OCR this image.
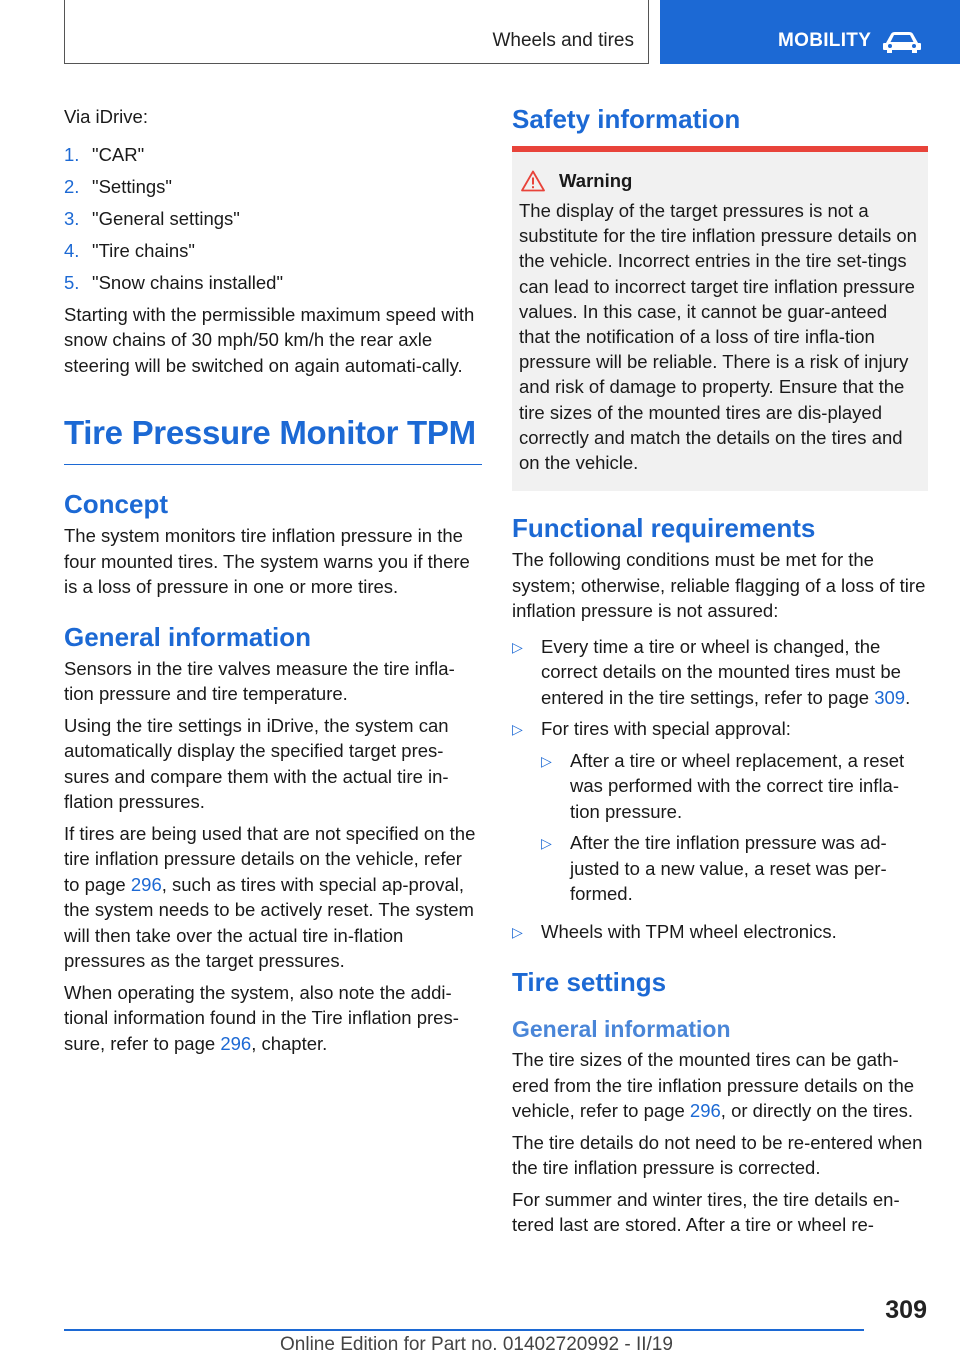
Wheels and tires	MOBILITY

Via iDrive:

1. "CAR"
2. "Settings"
3. "General settings"
4. "Tire chains"
5. "Snow chains installed"

Starting with the permissible maximum speed with snow chains of 30 mph/50 km/h the rear axle steering will be switched on again automati‐cally.

Tire Pressure Monitor TPM
Concept

The system monitors tire inflation pressure in the four mounted tires. The system warns you if there is a loss of pressure in one or more tires.

General information

Sensors in the tire valves measure the tire infla‐tion pressure and tire temperature.

Using the tire settings in iDrive, the system can automatically display the specified target pres‐sures and compare them with the actual tire in‐flation pressures.

If tires are being used that are not specified on the tire inflation pressure details on the vehicle, refer to page 296, such as tires with special ap‐proval, the system needs to be actively reset. The system will then take over the actual tire in‐flation pressures as the target pressures.

When operating the system, also note the addi‐tional information found in the Tire inflation pres‐sure, refer to page 296, chapter.

Safety information
Warning
The display of the target pressures is not a substitute for the tire inflation pressure details on the vehicle. Incorrect entries in the tire set‐tings can lead to incorrect target tire inflation pressure values. In this case, it cannot be guar‐anteed that the notification of a loss of tire infla‐tion pressure will be reliable. There is a risk of injury and risk of damage to property. Ensure that the tire sizes of the mounted tires are dis‐played correctly and match the details on the tires and on the vehicle.
Functional requirements

The following conditions must be met for the system; otherwise, reliable flagging of a loss of tire inflation pressure is not assured:

▷ Every time a tire or wheel is changed, the correct details on the mounted tires must be entered in the tire settings, refer to page 309.
▷ For tires with special approval:
▷ After a tire or wheel replacement, a reset was performed with the correct tire infla‐tion pressure.
▷ After the tire inflation pressure was ad‐justed to a new value, a reset was per‐formed.
▷ Wheels with TPM wheel electronics.
Tire settings
General information

The tire sizes of the mounted tires can be gath‐ered from the tire inflation pressure details on the vehicle, refer to page 296, or directly on the tires.

The tire details do not need to be re-entered when the tire inflation pressure is corrected.

For summer and winter tires, the tire details en‐tered last are stored. After a tire or wheel re‐

309
Online Edition for Part no. 01402720992 - II/19
